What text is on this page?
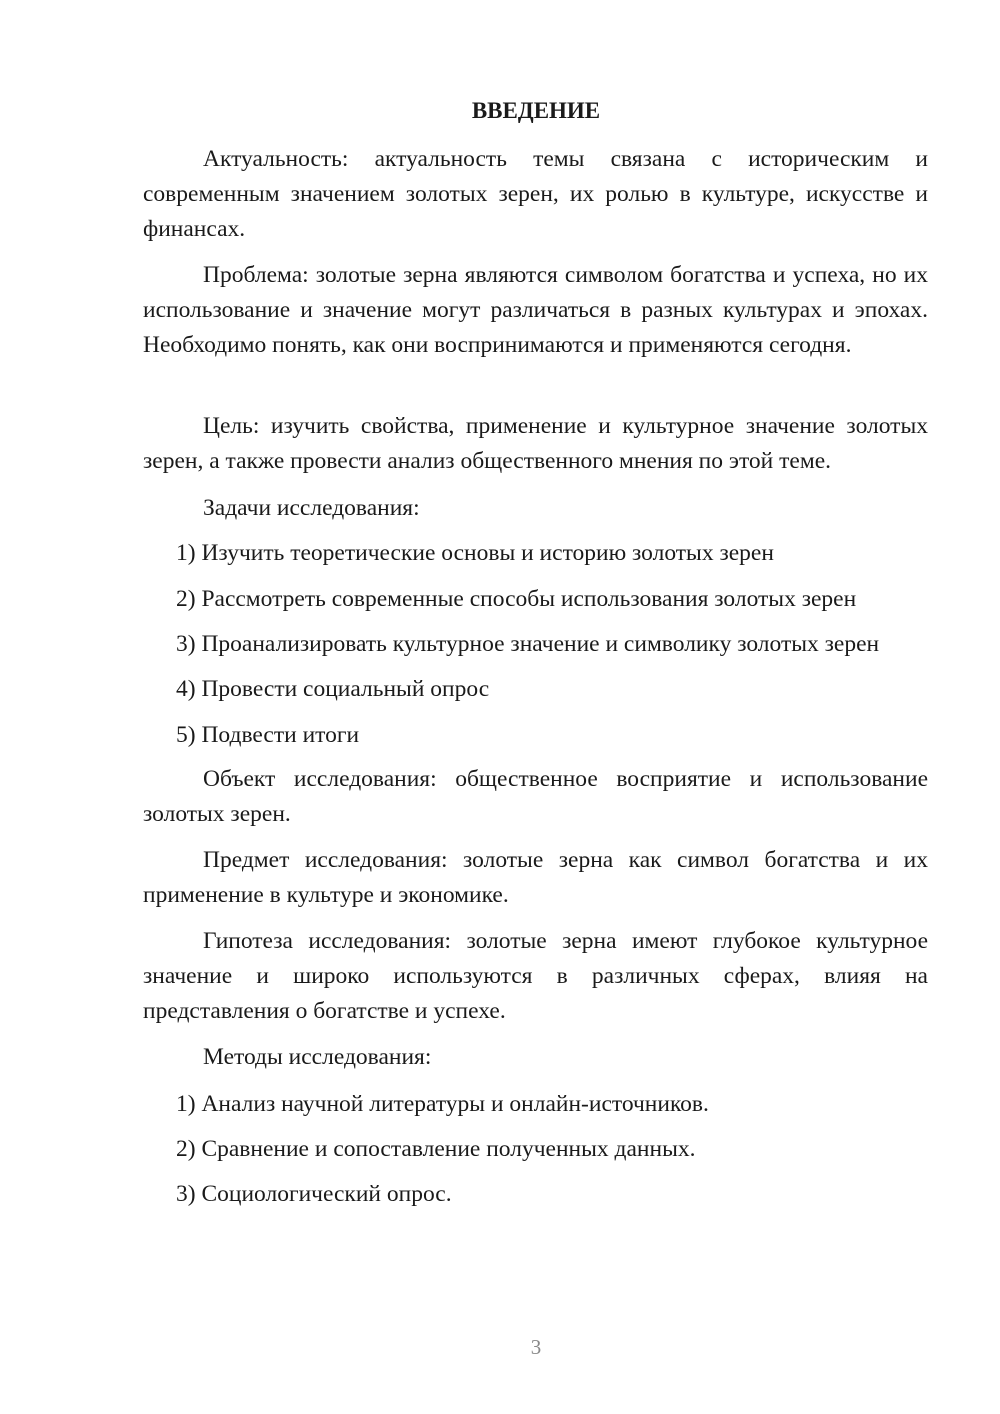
ВВЕДЕНИЕ

Актуальность: актуальность темы связана с историческим и современным значением золотых зерен, их ролью в культуре, искусстве и финансах.

Проблема: золотые зерна являются символом богатства и успеха, но их использование и значение могут различаться в разных культурах и эпохах. Необходимо понять, как они воспринимаются и применяются сегодня.

Цель: изучить свойства, применение и культурное значение золотых зерен, а также провести анализ общественного мнения по этой теме.

Задачи исследования:

1) Изучить теоретические основы и историю золотых зерен

2) Рассмотреть современные способы использования золотых зерен

3) Проанализировать культурное значение и символику золотых зерен

4) Провести социальный опрос

5) Подвести итоги

Объект исследования: общественное восприятие и использование золотых зерен.

Предмет исследования: золотые зерна как символ богатства и их применение в культуре и экономике.

Гипотеза исследования: золотые зерна имеют глубокое культурное значение и широко используются в различных сферах, влияя на представления о богатстве и успехе.

Методы исследования:

1) Анализ научной литературы и онлайн-источников.

2) Сравнение и сопоставление полученных данных.

3) Социологический опрос.

3
